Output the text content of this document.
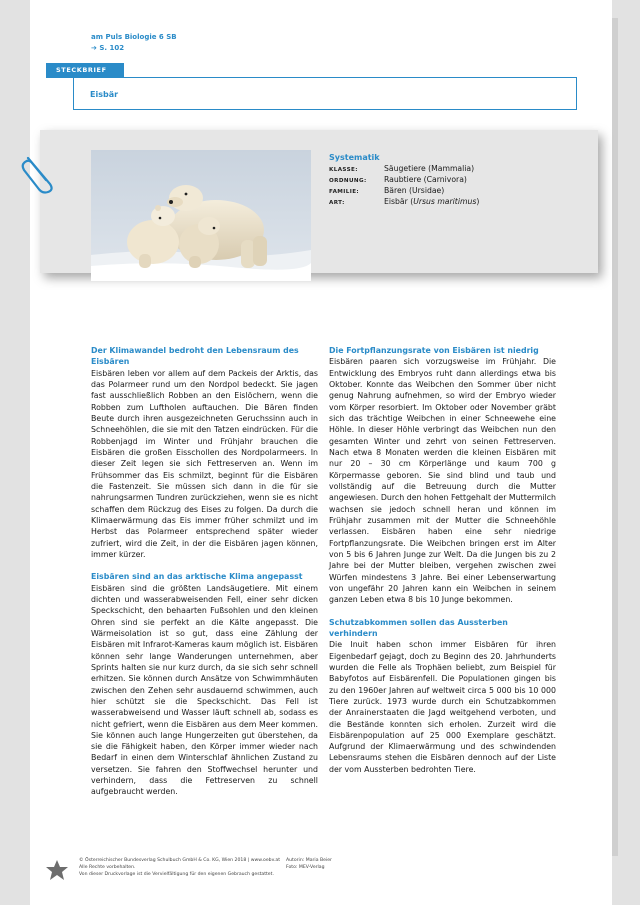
am Puls Biologie 6 SB
➔ S. 102
STECKBRIEF
Eisbär
Systematik
KLASSE:	Säugetiere (Mammalia)
ORDNUNG:	Raubtiere (Carnivora)
FAMILIE:	Bären (Ursidae)
ART:	Eisbär (Ursus maritimus)
Der Klimawandel bedroht den Lebensraum des Eisbären
Eisbären leben vor allem auf dem Packeis der Arktis, das das Polarmeer rund um den Nordpol bedeckt. Sie jagen fast ausschließlich Robben an den Eislöchern, wenn die Robben zum Luftholen auftauchen. Die Bären finden Beute durch ihren ausgezeichneten Geruchssinn auch in Schneehöhlen, die sie mit den Tatzen eindrücken. Für die Robbenjagd im Winter und Frühjahr brauchen die Eisbären die großen Eisschollen des Nordpolarmeers. In dieser Zeit legen sie sich Fettreserven an. Wenn im Frühsommer das Eis schmilzt, beginnt für die Eisbären die Fastenzeit. Sie müssen sich dann in die für sie nahrungsarmen Tundren zurückziehen, wenn sie es nicht schaffen dem Rückzug des Eises zu folgen. Da durch die Klimaerwärmung das Eis immer früher schmilzt und im Herbst das Polarmeer entsprechend später wieder zufriert, wird die Zeit, in der die Eisbären jagen können, immer kürzer.
Eisbären sind an das arktische Klima angepasst
Eisbären sind die größten Landsäugetiere. Mit einem dichten und wasserabweisenden Fell, einer sehr dicken Speckschicht, den behaarten Fußsohlen und den kleinen Ohren sind sie perfekt an die Kälte angepasst. Die Wärmeisolation ist so gut, dass eine Zählung der Eisbären mit Infrarot-Kameras kaum möglich ist. Eisbären können sehr lange Wanderungen unternehmen, aber Sprints halten sie nur kurz durch, da sie sich sehr schnell erhitzen. Sie können durch Ansätze von Schwimmhäuten zwischen den Zehen sehr ausdauernd schwimmen, auch hier schützt sie die Speckschicht. Das Fell ist wasserabweisend und Wasser läuft schnell ab, sodass es nicht gefriert, wenn die Eisbären aus dem Meer kommen. Sie können auch lange Hungerzeiten gut überstehen, da sie die Fähigkeit haben, den Körper immer wieder nach Bedarf in einen dem Winterschlaf ähnlichen Zustand zu versetzen. Sie fahren den Stoffwechsel herunter und verhindern, dass die Fettreserven zu schnell aufgebraucht werden.
Die Fortpflanzungsrate von Eisbären ist niedrig
Eisbären paaren sich vorzugsweise im Frühjahr. Die Entwicklung des Embryos ruht dann allerdings etwa bis Oktober. Konnte das Weibchen den Sommer über nicht genug Nahrung aufnehmen, so wird der Embryo wieder vom Körper resorbiert. Im Oktober oder November gräbt sich das trächtige Weibchen in einer Schneewehe eine Höhle. In dieser Höhle verbringt das Weibchen nun den gesamten Winter und zehrt von seinen Fettreserven. Nach etwa 8 Monaten werden die kleinen Eisbären mit nur 20 – 30 cm Körperlänge und kaum 700 g Körpermasse geboren. Sie sind blind und taub und vollständig auf die Betreuung durch die Mutter angewiesen. Durch den hohen Fettgehalt der Muttermilch wachsen sie jedoch schnell heran und können im Frühjahr zusammen mit der Mutter die Schneehöhle verlassen. Eisbären haben eine sehr niedrige Fortpflanzungsrate. Die Weibchen bringen erst im Alter von 5 bis 6 Jahren Junge zur Welt. Da die Jungen bis zu 2 Jahre bei der Mutter bleiben, vergehen zwischen zwei Würfen mindestens 3 Jahre. Bei einer Lebenserwartung von ungefähr 20 Jahren kann ein Weibchen in seinem ganzen Leben etwa 8 bis 10 Junge bekommen.
Schutzabkommen sollen das Aussterben verhindern
Die Inuit haben schon immer Eisbären für ihren Eigenbedarf gejagt, doch zu Beginn des 20. Jahrhunderts wurden die Felle als Trophäen beliebt, zum Beispiel für Babyfotos auf Eisbärenfell. Die Populationen gingen bis zu den 1960er Jahren auf weltweit circa 5 000 bis 10 000 Tiere zurück. 1973 wurde durch ein Schutzabkommen der Anrainerstaaten die Jagd weitgehend verboten, und die Bestände konnten sich erholen. Zurzeit wird die Eisbärenpopulation auf 25 000 Exemplare geschätzt. Aufgrund der Klimaerwärmung und des schwindenden Lebensraums stehen die Eisbären dennoch auf der Liste der vom Aussterben bedrohten Tiere.
© Österreichischer Bundesverlag Schulbuch GmbH & Co. KG, Wien 2018 | www.oebv.at
Alle Rechte vorbehalten.
Von dieser Druckvorlage ist die Vervielfältigung für den eigenen Gebrauch gestattet.
Autorin: Maria Beier
Foto: MEV-Verlag
